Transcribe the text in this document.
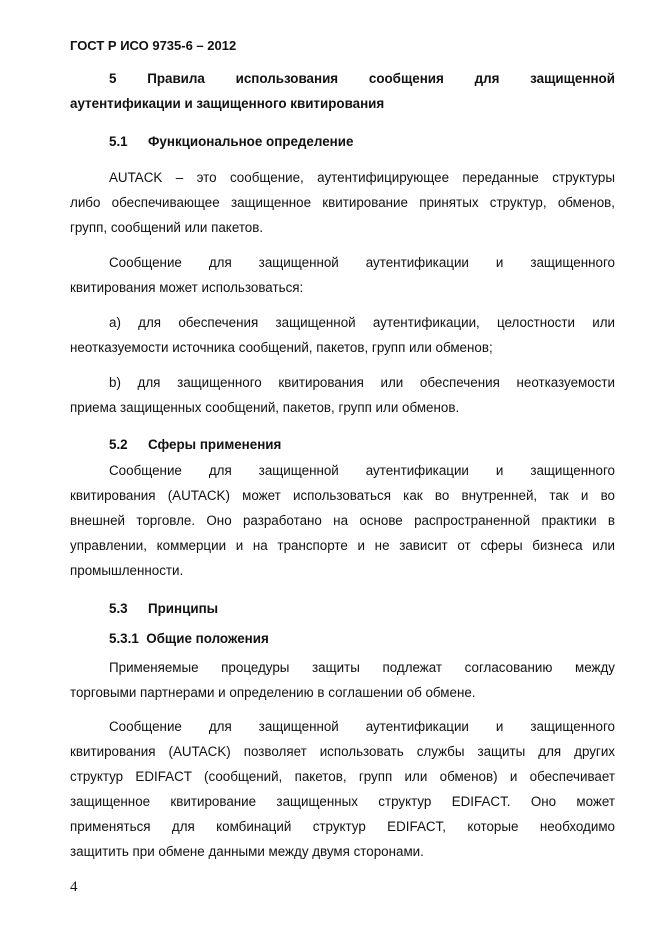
ГОСТ Р ИСО 9735-6 – 2012
5 Правила использования сообщения для защищенной
аутентификации и защищенного квитирования
5.1 Функциональное определение
AUTACK – это сообщение, аутентифицирующее переданные структуры
либо обеспечивающее защищенное квитирование принятых структур, обменов,
групп, сообщений или пакетов.
Сообщение для защищенной аутентификации и защищенного
квитирования может использоваться:
а) для обеспечения защищенной аутентификации, целостности или
неотказуемости источника сообщений, пакетов, групп или обменов;
b) для защищенного квитирования или обеспечения неотказуемости
приема защищенных сообщений, пакетов, групп или обменов.
5.2 Сферы применения
Сообщение для защищенной аутентификации и защищенного
квитирования (AUTACK) может использоваться как во внутренней, так и во
внешней торговле. Оно разработано на основе распространенной практики в
управлении, коммерции и на транспорте и не зависит от сферы бизнеса или
промышленности.
5.3 Принципы
5.3.1 Общие положения
Применяемые процедуры защиты подлежат согласованию между
торговыми партнерами и определению в соглашении об обмене.
Сообщение для защищенной аутентификации и защищенного
квитирования (AUTACK) позволяет использовать службы защиты для других
структур EDIFACT (сообщений, пакетов, групп или обменов) и обеспечивает
защищенное квитирование защищенных структур EDIFACT. Оно может
применяться для комбинаций структур EDIFACT, которые необходимо
защитить при обмене данными между двумя сторонами.
4
